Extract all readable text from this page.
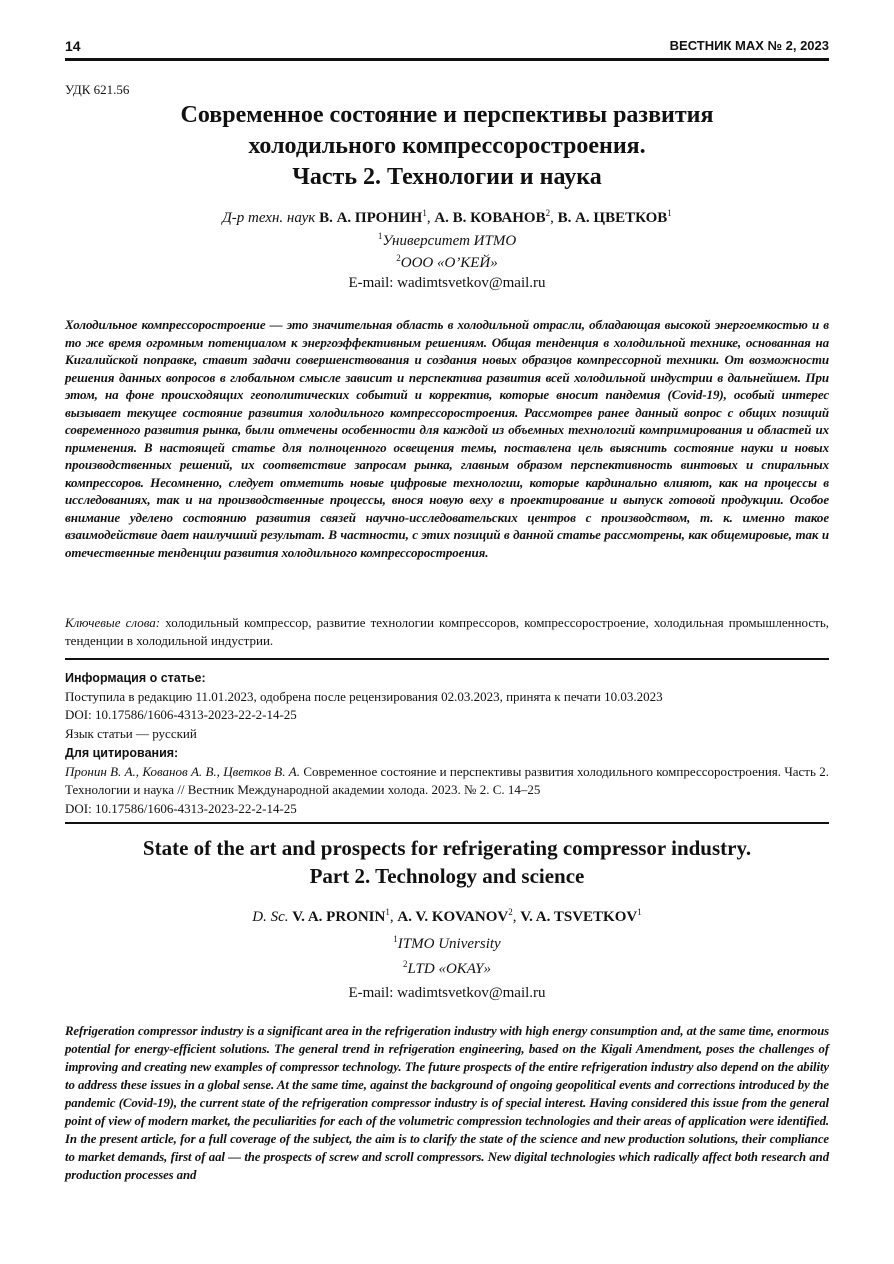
14	ВЕСТНИК МАХ № 2, 2023
УДК 621.56
Современное состояние и перспективы развития
холодильного компрессоростроения.
Часть 2. Технологии и наука
Д-р техн. наук В. А. ПРОНИН$^1$, А. В. КОВАНОВ$^2$, В. А. ЦВЕТКОВ$^1$
$^1$Университет ИТМО
$^2$ООО «О’КЕЙ»
E-mail: wadimtsvetkov@mail.ru
Холодильное компрессоростроение — это значительная область в холодильной отрасли, обладающая высокой энергоемкостью и в то же время огромным потенциалом к энергоэффективным решениям. Общая тенденция в холодильной технике, основанная на Кигалийской поправке, ставит задачи совершенствования и создания новых образцов компрессорной техники. От возможности решения данных вопросов в глобальном смысле зависит и перспектива развития всей холодильной индустрии в дальнейшем. При этом, на фоне происходящих геополитических событий и корректив, которые вносит пандемия (Covid-19), особый интерес вызывает текущее состояние развития холодильного компрессоростроения. Рассмотрев ранее данный вопрос с общих позиций современного развития рынка, были отмечены особенности для каждой из объемных технологий компримирования и областей их применения. В настоящей статье для полноценного освещения темы, поставлена цель выяснить состояние науки и новых производственных решений, их соответствие запросам рынка, главным образом перспективность винтовых и спиральных компрессоров. Несомненно, следует отметить новые цифровые технологии, которые кардинально влияют, как на процессы в исследованиях, так и на производственные процессы, внося новую веху в проектирование и выпуск готовой продукции. Особое внимание уделено состоянию развития связей научно-исследовательских центров с производством, т. к. именно такое взаимодействие дает наилучший результат. В частности, с этих позиций в данной статье рассмотрены, как общемировые, так и отечественные тенденции развития холодильного компрессоростроения.
Ключевые слова: холодильный компрессор, развитие технологии компрессоров, компрессоростроение, холодильная промышленность, тенденции в холодильной индустрии.
Информация о статье:
Поступила в редакцию 11.01.2023, одобрена после рецензирования 02.03.2023, принята к печати 10.03.2023
DOI: 10.17586/1606-4313-2023-22-2-14-25
Язык статьи — русский
Для цитирования:
Пронин В. А., Кованов А. В., Цветков В. А. Современное состояние и перспективы развития холодильного компрессоростроения. Часть 2. Технологии и наука // Вестник Международной академии холода. 2023. № 2. С. 14–25
DOI: 10.17586/1606-4313-2023-22-2-14-25
State of the art and prospects for refrigerating compressor industry.
Part 2. Technology and science
D. Sc. V. A. PRONIN$^1$, A. V. KOVANOV$^2$, V. A. TSVETKOV$^1$
$^1$ITMO University
$^2$LTD «OKAY»
E-mail: wadimtsvetkov@mail.ru
Refrigeration compressor industry is a significant area in the refrigeration industry with high energy consumption and, at the same time, enormous potential for energy-efficient solutions. The general trend in refrigeration engineering, based on the Kigali Amendment, poses the challenges of improving and creating new examples of compressor technology. The future prospects of the entire refrigeration industry also depend on the ability to address these issues in a global sense. At the same time, against the background of ongoing geopolitical events and corrections introduced by the pandemic (Covid-19), the current state of the refrigeration compressor industry is of special interest. Having considered this issue from the general point of view of modern market, the peculiarities for each of the volumetric compression technologies and their areas of application were identified. In the present article, for a full coverage of the subject, the aim is to clarify the state of the science and new production solutions, their compliance to market demands, first of aal — the prospects of screw and scroll compressors. New digital technologies which radically affect both research and production processes and
